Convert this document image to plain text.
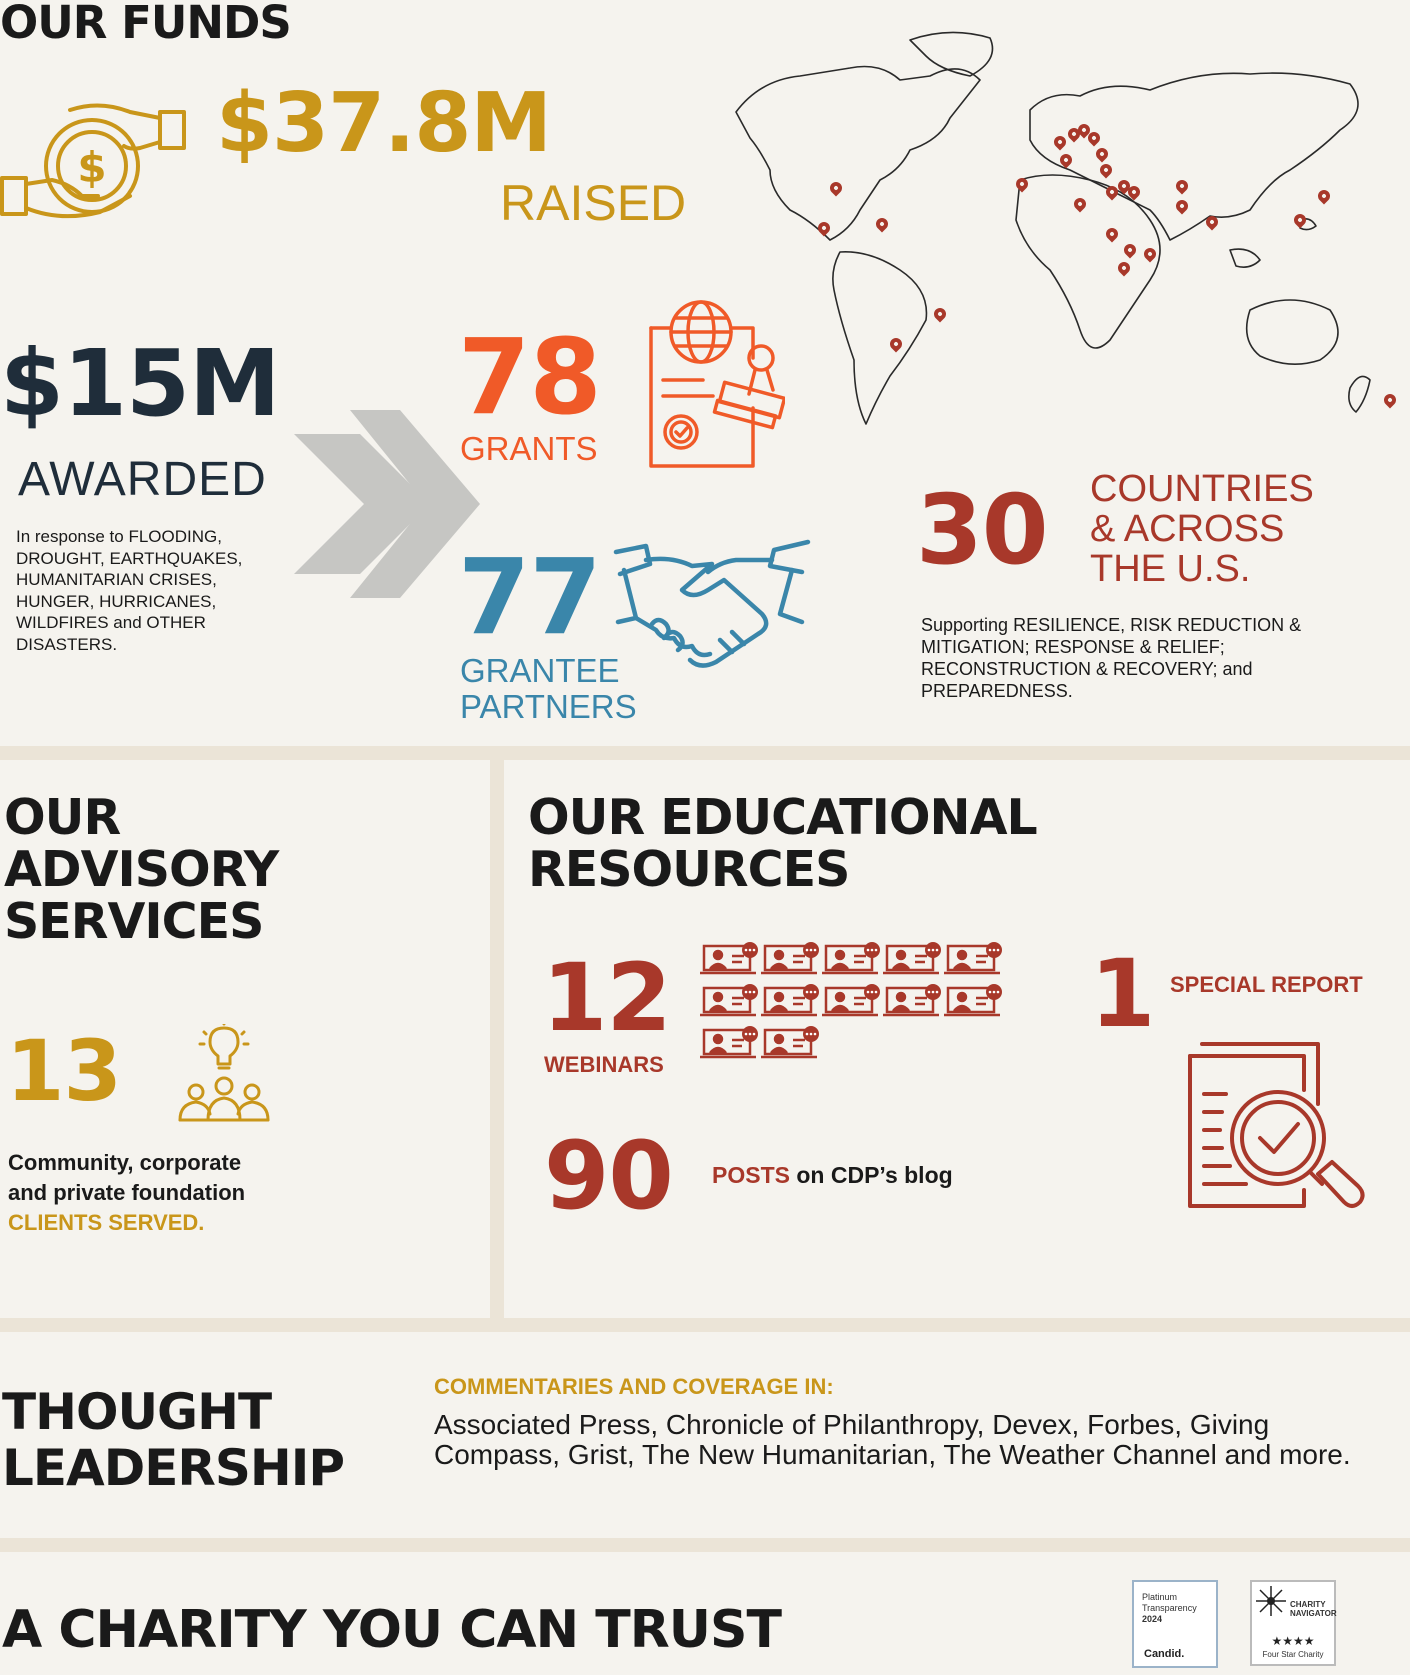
OUR FUNDS
$ $37.8M
RAISED
$15M
AWARDED
In response to FLOODING, DROUGHT, EARTHQUAKES, HUMANITARIAN CRISES, HUNGER, HURRICANES, WILDFIRES and OTHER DISASTERS.
78
GRANTS
77
GRANTEE
PARTNERS
30 COUNTRIES
& ACROSS
THE U.S.
Supporting RESILIENCE, RISK REDUCTION & MITIGATION; RESPONSE & RELIEF; RECONSTRUCTION & RECOVERY; and PREPAREDNESS.
OUR
ADVISORY
SERVICES
13
Community, corporate
and private foundation
CLIENTS SERVED.
OUR EDUCATIONAL
RESOURCES
12
WEBINARS
1 SPECIAL REPORT
90 POSTS on CDP’s blog
THOUGHT
LEADERSHIP
COMMENTARIES AND COVERAGE IN:
Associated Press, Chronicle of Philanthropy, Devex, Forbes, Giving Compass, Grist, The New Humanitarian, The Weather Channel and more.
A CHARITY YOU CAN TRUST
Platinum
Transparency
2024
Candid.
CHARITY
NAVIGATOR
★★★★
Four Star Charity
